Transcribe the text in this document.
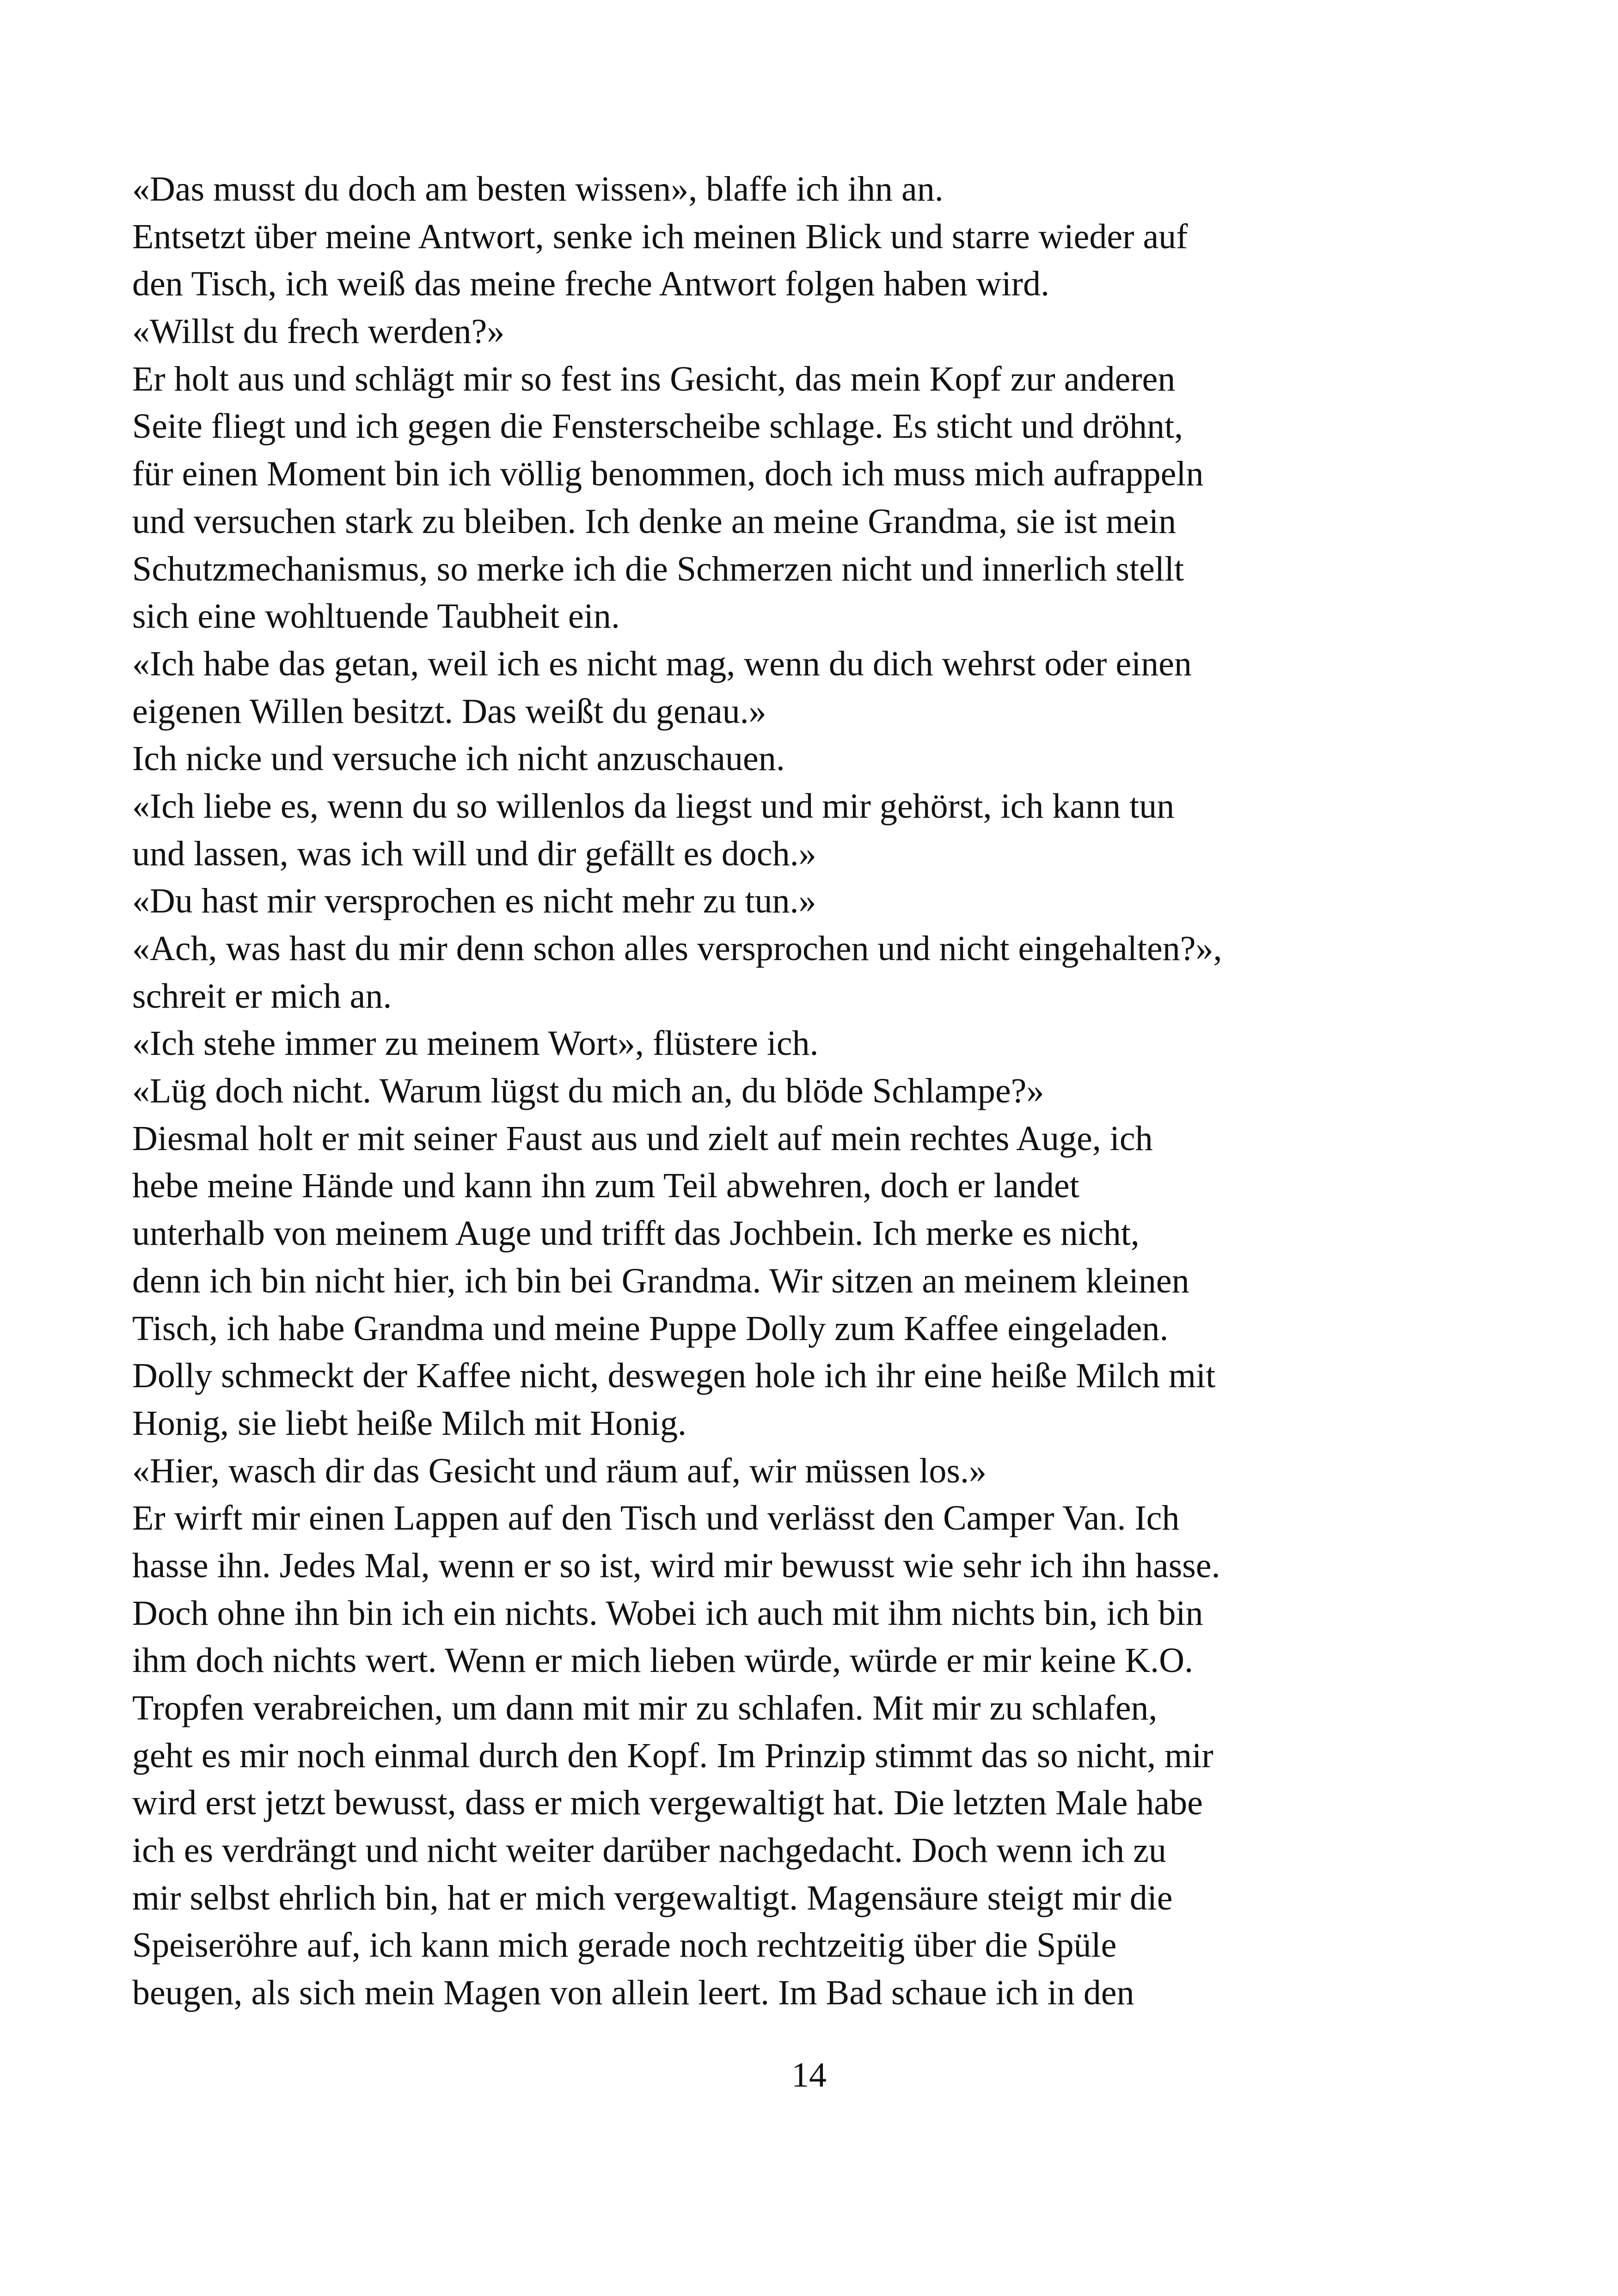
«Das musst du doch am besten wissen», blaffe ich ihn an.
Entsetzt über meine Antwort, senke ich meinen Blick und starre wieder auf
den Tisch, ich weiß das meine freche Antwort folgen haben wird.
«Willst du frech werden?»
Er holt aus und schlägt mir so fest ins Gesicht, das mein Kopf zur anderen
Seite fliegt und ich gegen die Fensterscheibe schlage. Es sticht und dröhnt,
für einen Moment bin ich völlig benommen, doch ich muss mich aufrappeln
und versuchen stark zu bleiben. Ich denke an meine Grandma, sie ist mein
Schutzmechanismus, so merke ich die Schmerzen nicht und innerlich stellt
sich eine wohltuende Taubheit ein.
«Ich habe das getan, weil ich es nicht mag, wenn du dich wehrst oder einen
eigenen Willen besitzt. Das weißt du genau.»
Ich nicke und versuche ich nicht anzuschauen.
«Ich liebe es, wenn du so willenlos da liegst und mir gehörst, ich kann tun
und lassen, was ich will und dir gefällt es doch.»
«Du hast mir versprochen es nicht mehr zu tun.»
«Ach, was hast du mir denn schon alles versprochen und nicht eingehalten?»,
schreit er mich an.
«Ich stehe immer zu meinem Wort», flüstere ich.
«Lüg doch nicht. Warum lügst du mich an, du blöde Schlampe?»
Diesmal holt er mit seiner Faust aus und zielt auf mein rechtes Auge, ich
hebe meine Hände und kann ihn zum Teil abwehren, doch er landet
unterhalb von meinem Auge und trifft das Jochbein. Ich merke es nicht,
denn ich bin nicht hier, ich bin bei Grandma. Wir sitzen an meinem kleinen
Tisch, ich habe Grandma und meine Puppe Dolly zum Kaffee eingeladen.
Dolly schmeckt der Kaffee nicht, deswegen hole ich ihr eine heiße Milch mit
Honig, sie liebt heiße Milch mit Honig.
«Hier, wasch dir das Gesicht und räum auf, wir müssen los.»
Er wirft mir einen Lappen auf den Tisch und verlässt den Camper Van. Ich
hasse ihn. Jedes Mal, wenn er so ist, wird mir bewusst wie sehr ich ihn hasse.
Doch ohne ihn bin ich ein nichts. Wobei ich auch mit ihm nichts bin, ich bin
ihm doch nichts wert. Wenn er mich lieben würde, würde er mir keine K.O.
Tropfen verabreichen, um dann mit mir zu schlafen. Mit mir zu schlafen,
geht es mir noch einmal durch den Kopf. Im Prinzip stimmt das so nicht, mir
wird erst jetzt bewusst, dass er mich vergewaltigt hat. Die letzten Male habe
ich es verdrängt und nicht weiter darüber nachgedacht. Doch wenn ich zu
mir selbst ehrlich bin, hat er mich vergewaltigt. Magensäure steigt mir die
Speiseröhre auf, ich kann mich gerade noch rechtzeitig über die Spüle
beugen, als sich mein Magen von allein leert. Im Bad schaue ich in den
14
